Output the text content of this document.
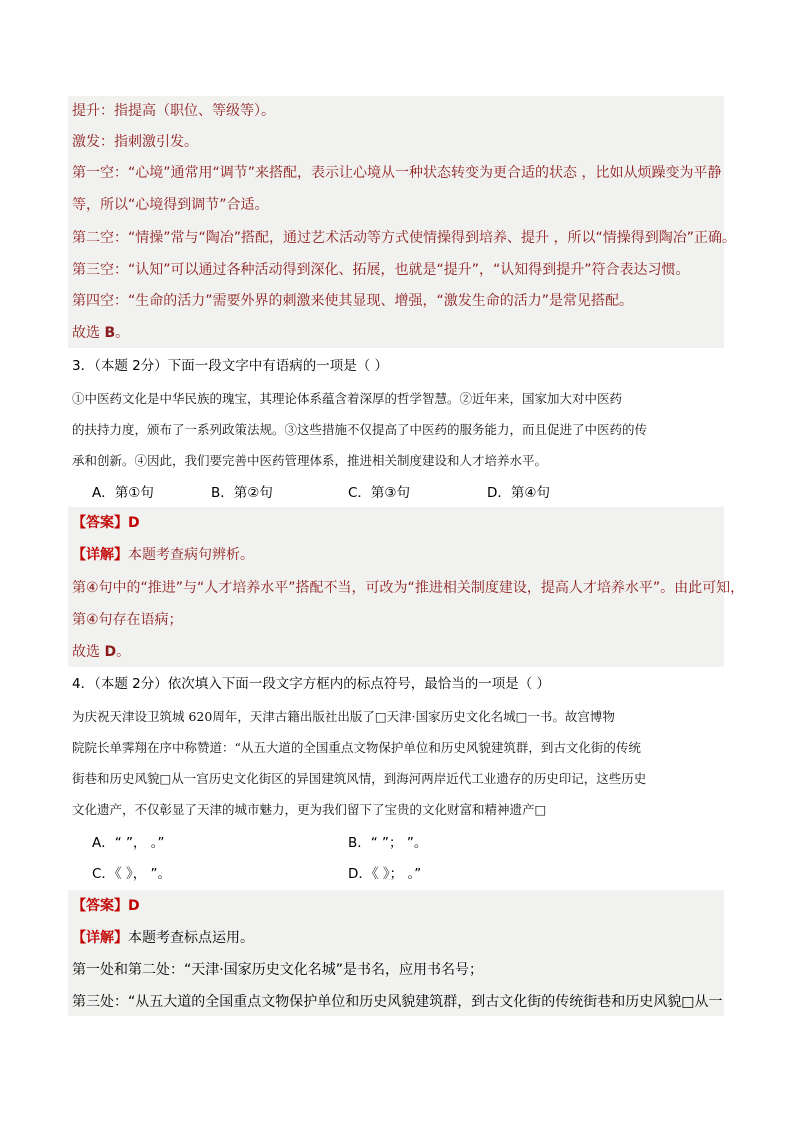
提升：指提高（职位、等级等）。
激发：指刺激引发。
第一空：“心境”通常用“调节”来搭配，表示让心境从一种状态转变为更合适的状态 ，比如从烦躁变为平静
等，所以“心境得到调节”合适。
第二空：“情操”常与“陶冶”搭配，通过艺术活动等方式使情操得到培养、提升 ，所以“情操得到陶冶”正确。
第三空：“认知”可以通过各种活动得到深化、拓展，也就是“提升”，“认知得到提升”符合表达习惯。
第四空：“生命的活力”需要外界的刺激来使其显现、增强，“激发生命的活力”是常见搭配。
故选 B。
3．（本题 2分）下面一段文字中有语病的一项是（ ）
①中医药文化是中华民族的瑰宝，其理论体系蕴含着深厚的哲学智慧。②近年来，国家加大对中医药
的扶持力度，颁布了一系列政策法规。③这些措施不仅提高了中医药的服务能力，而且促进了中医药的传
承和创新。④因此，我们要完善中医药管理体系，推进相关制度建设和人才培养水平。
A．第①句	B．第②句	C．第③句	D．第④句
【答案】D
【详解】本题考查病句辨析。
第④句中的“推进”与“人才培养水平”搭配不当，可改为“推进相关制度建设，提高人才培养水平”。由此可知，
第④句存在语病；
故选 D。
4．（本题 2分）依次填入下面一段文字方框内的标点符号，最恰当的一项是（ ）
为庆祝天津设卫筑城 620周年，天津古籍出版社出版了□天津·国家历史文化名城□一书。故宫博物
院院长单霁翔在序中称赞道：“从五大道的全国重点文物保护单位和历史风貌建筑群，到古文化街的传统
街巷和历史风貌□从一宫历史文化街区的异国建筑风情，到海河两岸近代工业遗存的历史印记，这些历史
文化遗产，不仅彰显了天津的城市魅力，更为我们留下了宝贵的文化财富和精神遗产□
A．“ ”， 。”	B．“ ”； ”。
C．《 》， ”。	D．《 》； 。”
【答案】D
【详解】本题考查标点运用。
第一处和第二处：“天津·国家历史文化名城”是书名，应用书名号；
第三处：“从五大道的全国重点文物保护单位和历史风貌建筑群，到古文化街的传统街巷和历史风貌□从一
